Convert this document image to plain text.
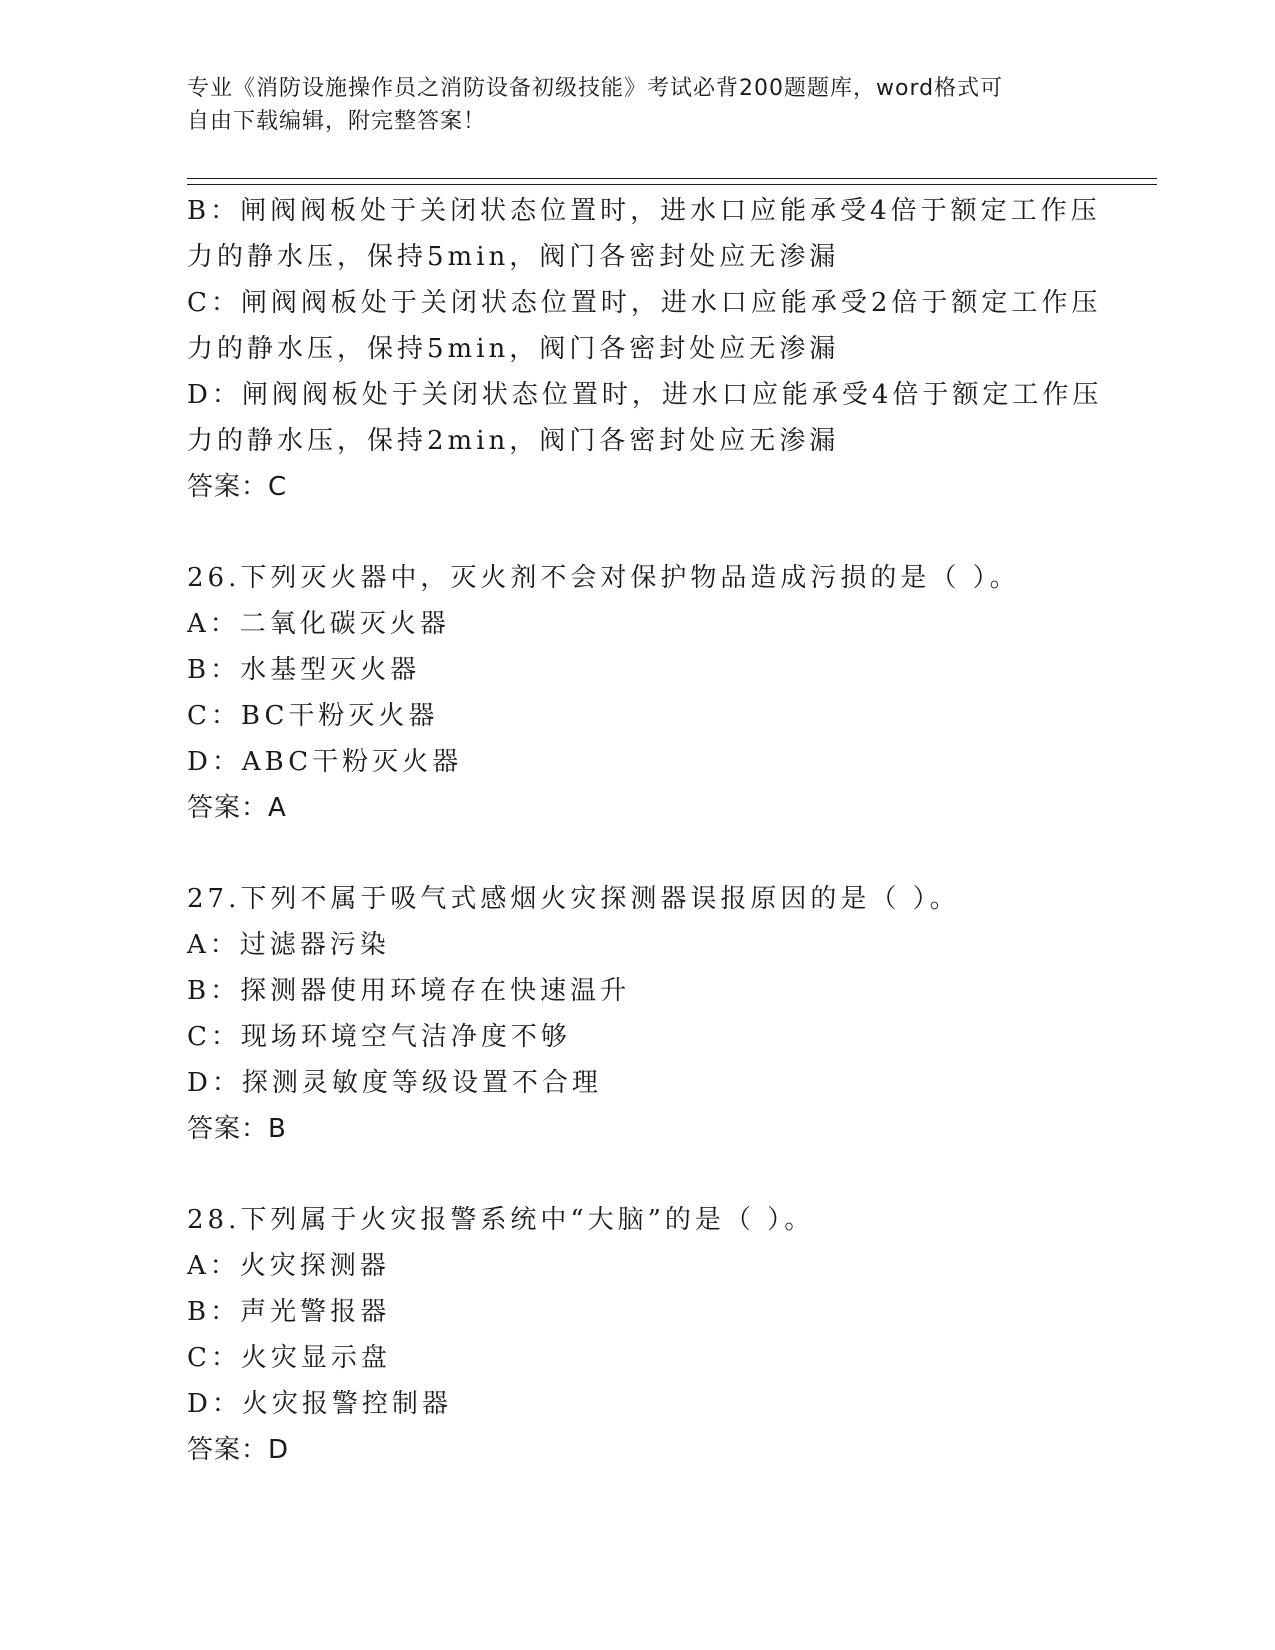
专业《消防设施操作员之消防设备初级技能》考试必背200题题库，word格式可
自由下载编辑，附完整答案！
B：闸阀阀板处于关闭状态位置时，进水口应能承受4倍于额定工作压
力的静水压，保持5min，阀门各密封处应无渗漏
C：闸阀阀板处于关闭状态位置时，进水口应能承受2倍于额定工作压
力的静水压，保持5min，阀门各密封处应无渗漏
D：闸阀阀板处于关闭状态位置时，进水口应能承受4倍于额定工作压
力的静水压，保持2min，阀门各密封处应无渗漏
答案：C
26.下列灭火器中，灭火剂不会对保护物品造成污损的是（ ）。
A：二氧化碳灭火器
B：水基型灭火器
C：BC干粉灭火器
D：ABC干粉灭火器
答案：A
27.下列不属于吸气式感烟火灾探测器误报原因的是（ ）。
A：过滤器污染
B：探测器使用环境存在快速温升
C：现场环境空气洁净度不够
D：探测灵敏度等级设置不合理
答案：B
28.下列属于火灾报警系统中“大脑”的是（ ）。
A：火灾探测器
B：声光警报器
C：火灾显示盘
D：火灾报警控制器
答案：D
